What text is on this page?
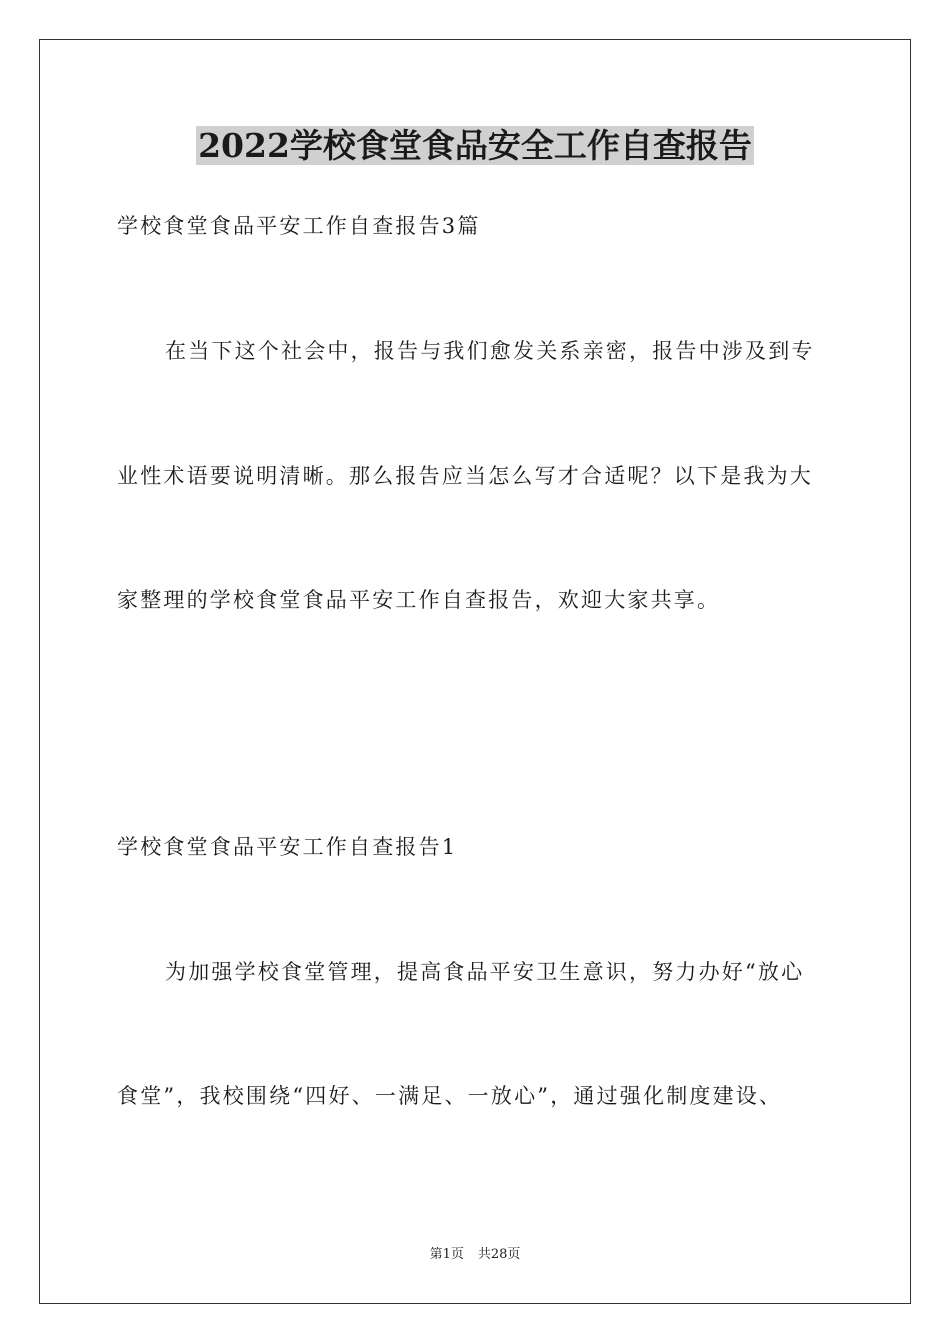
2022学校食堂食品安全工作自查报告
学校食堂食品平安工作自查报告3篇
在当下这个社会中，报告与我们愈发关系亲密，报告中涉及到专
业性术语要说明清晰。那么报告应当怎么写才合适呢？以下是我为大
家整理的学校食堂食品平安工作自查报告，欢迎大家共享。
学校食堂食品平安工作自查报告1
为加强学校食堂管理，提高食品平安卫生意识，努力办好“放心
食堂”，我校围绕“四好、一满足、一放心”，通过强化制度建设、
第1页 共28页
